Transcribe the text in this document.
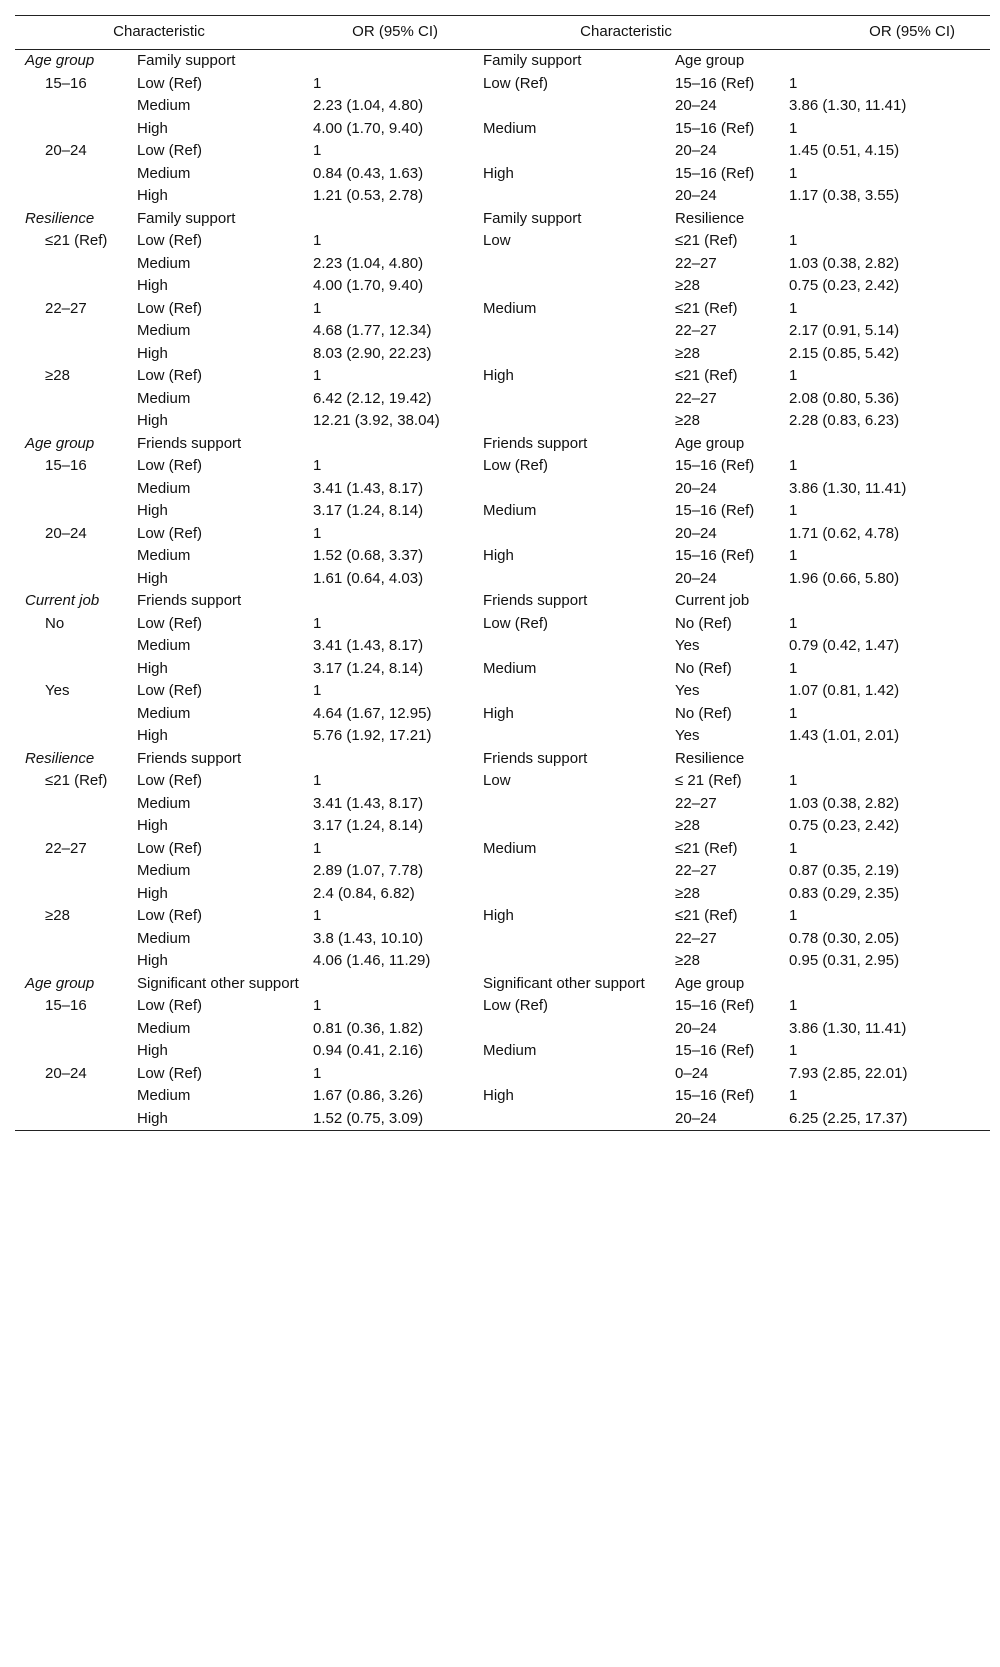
Characteristic		OR (95% CI)	Characteristic		OR (95% CI)
Age group	Family support		Family support	Age group	
15–16	Low (Ref)	1	Low (Ref)	15–16 (Ref)	1
	Medium	2.23 (1.04, 4.80)		20–24	3.86 (1.30, 11.41)
	High	4.00 (1.70, 9.40)	Medium	15–16 (Ref)	1
20–24	Low (Ref)	1		20–24	1.45 (0.51, 4.15)
	Medium	0.84 (0.43, 1.63)	High	15–16 (Ref)	1
	High	1.21 (0.53, 2.78)		20–24	1.17 (0.38, 3.55)
Resilience	Family support		Family support	Resilience	
≤21 (Ref)	Low (Ref)	1	Low	≤21 (Ref)	1
	Medium	2.23 (1.04, 4.80)		22–27	1.03 (0.38, 2.82)
	High	4.00 (1.70, 9.40)		≥28	0.75 (0.23, 2.42)
22–27	Low (Ref)	1	Medium	≤21 (Ref)	1
	Medium	4.68 (1.77, 12.34)		22–27	2.17 (0.91, 5.14)
	High	8.03 (2.90, 22.23)		≥28	2.15 (0.85, 5.42)
≥28	Low (Ref)	1	High	≤21 (Ref)	1
	Medium	6.42 (2.12, 19.42)		22–27	2.08 (0.80, 5.36)
	High	12.21 (3.92, 38.04)		≥28	2.28 (0.83, 6.23)
Age group	Friends support		Friends support	Age group	
15–16	Low (Ref)	1	Low (Ref)	15–16 (Ref)	1
	Medium	3.41 (1.43, 8.17)		20–24	3.86 (1.30, 11.41)
	High	3.17 (1.24, 8.14)	Medium	15–16 (Ref)	1
20–24	Low (Ref)	1		20–24	1.71 (0.62, 4.78)
	Medium	1.52 (0.68, 3.37)	High	15–16 (Ref)	1
	High	1.61 (0.64, 4.03)		20–24	1.96 (0.66, 5.80)
Current job	Friends support		Friends support	Current job	
No	Low (Ref)	1	Low (Ref)	No (Ref)	1
	Medium	3.41 (1.43, 8.17)		Yes	0.79 (0.42, 1.47)
	High	3.17 (1.24, 8.14)	Medium	No (Ref)	1
Yes	Low (Ref)	1		Yes	1.07 (0.81, 1.42)
	Medium	4.64 (1.67, 12.95)	High	No (Ref)	1
	High	5.76 (1.92, 17.21)		Yes	1.43 (1.01, 2.01)
Resilience	Friends support		Friends support	Resilience	
≤21 (Ref)	Low (Ref)	1	Low	≤ 21 (Ref)	1
	Medium	3.41 (1.43, 8.17)		22–27	1.03 (0.38, 2.82)
	High	3.17 (1.24, 8.14)		≥28	0.75 (0.23, 2.42)
22–27	Low (Ref)	1	Medium	≤21 (Ref)	1
	Medium	2.89 (1.07, 7.78)		22–27	0.87 (0.35, 2.19)
	High	2.4 (0.84, 6.82)		≥28	0.83 (0.29, 2.35)
≥28	Low (Ref)	1	High	≤21 (Ref)	1
	Medium	3.8 (1.43, 10.10)		22–27	0.78 (0.30, 2.05)
	High	4.06 (1.46, 11.29)		≥28	0.95 (0.31, 2.95)
Age group	Significant other support		Significant other support	Age group	
15–16	Low (Ref)	1	Low (Ref)	15–16 (Ref)	1
	Medium	0.81 (0.36, 1.82)		20–24	3.86 (1.30, 11.41)
	High	0.94 (0.41, 2.16)	Medium	15–16 (Ref)	1
20–24	Low (Ref)	1		0–24	7.93 (2.85, 22.01)
	Medium	1.67 (0.86, 3.26)	High	15–16 (Ref)	1
	High	1.52 (0.75, 3.09)		20–24	6.25 (2.25, 17.37)
